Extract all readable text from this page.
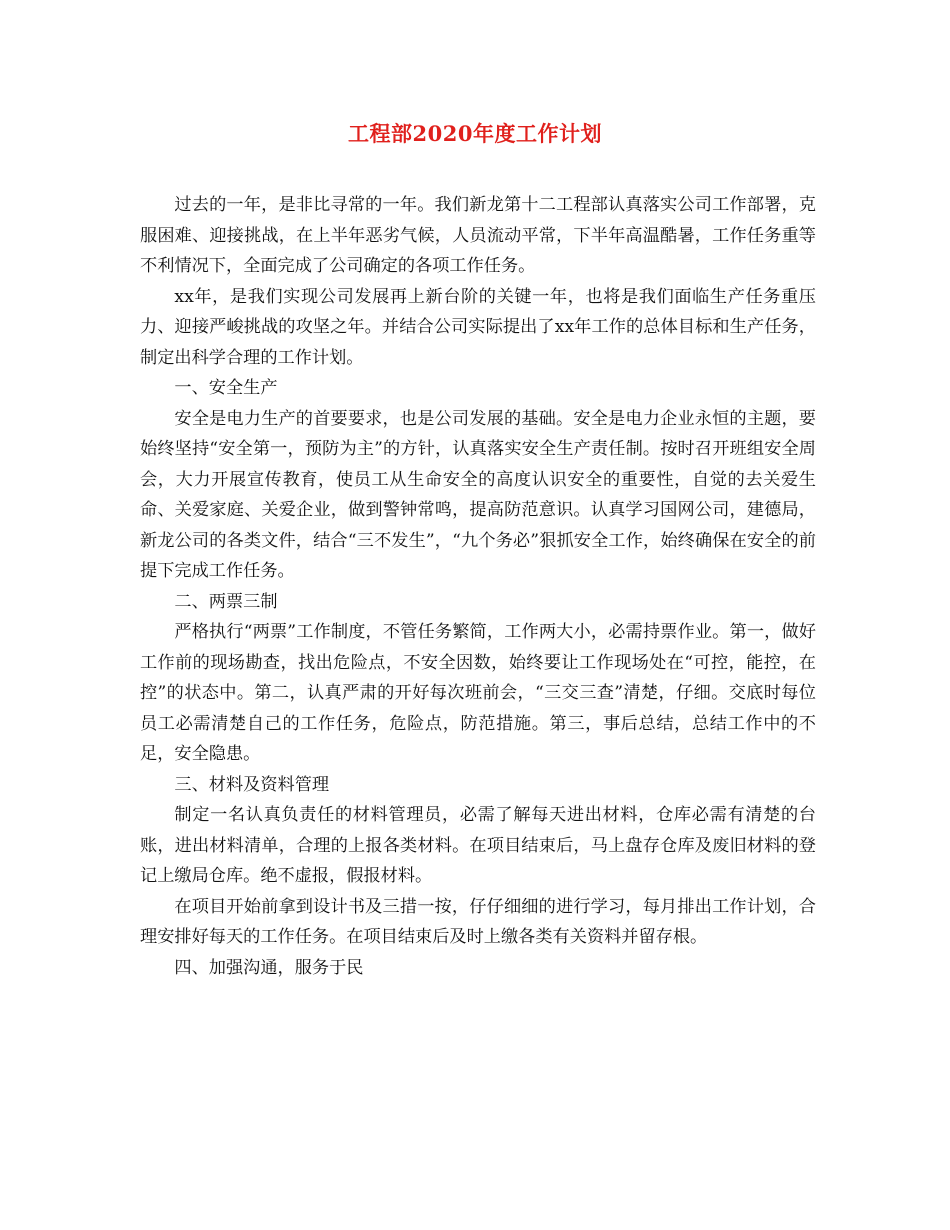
工程部2020年度工作计划

过去的一年，是非比寻常的一年。我们新龙第十二工程部认真落实公司工作部署，克服困难、迎接挑战，在上半年恶劣气候，人员流动平常，下半年高温酷暑，工作任务重等不利情况下，全面完成了公司确定的各项工作任务。

xx年，是我们实现公司发展再上新台阶的关键一年，也将是我们面临生产任务重压力、迎接严峻挑战的攻坚之年。并结合公司实际提出了xx年工作的总体目标和生产任务，制定出科学合理的工作计划。

一、安全生产

安全是电力生产的首要要求，也是公司发展的基础。安全是电力企业永恒的主题，要始终坚持“安全第一，预防为主”的方针，认真落实安全生产责任制。按时召开班组安全周会，大力开展宣传教育，使员工从生命安全的高度认识安全的重要性，自觉的去关爱生命、关爱家庭、关爱企业，做到警钟常鸣，提高防范意识。认真学习国网公司，建德局，新龙公司的各类文件，结合“三不发生”，“九个务必”狠抓安全工作，始终确保在安全的前提下完成工作任务。

二、两票三制

严格执行“两票”工作制度，不管任务繁简，工作两大小，必需持票作业。第一，做好工作前的现场勘查，找出危险点，不安全因数，始终要让工作现场处在“可控，能控，在控”的状态中。第二，认真严肃的开好每次班前会，“三交三查”清楚，仔细。交底时每位员工必需清楚自己的工作任务，危险点，防范措施。第三，事后总结，总结工作中的不足，安全隐患。

三、材料及资料管理

制定一名认真负责任的材料管理员，必需了解每天进出材料，仓库必需有清楚的台账，进出材料清单，合理的上报各类材料。在项目结束后，马上盘存仓库及废旧材料的登记上缴局仓库。绝不虚报，假报材料。

在项目开始前拿到设计书及三措一按，仔仔细细的进行学习，每月排出工作计划，合理安排好每天的工作任务。在项目结束后及时上缴各类有关资料并留存根。

四、加强沟通，服务于民
